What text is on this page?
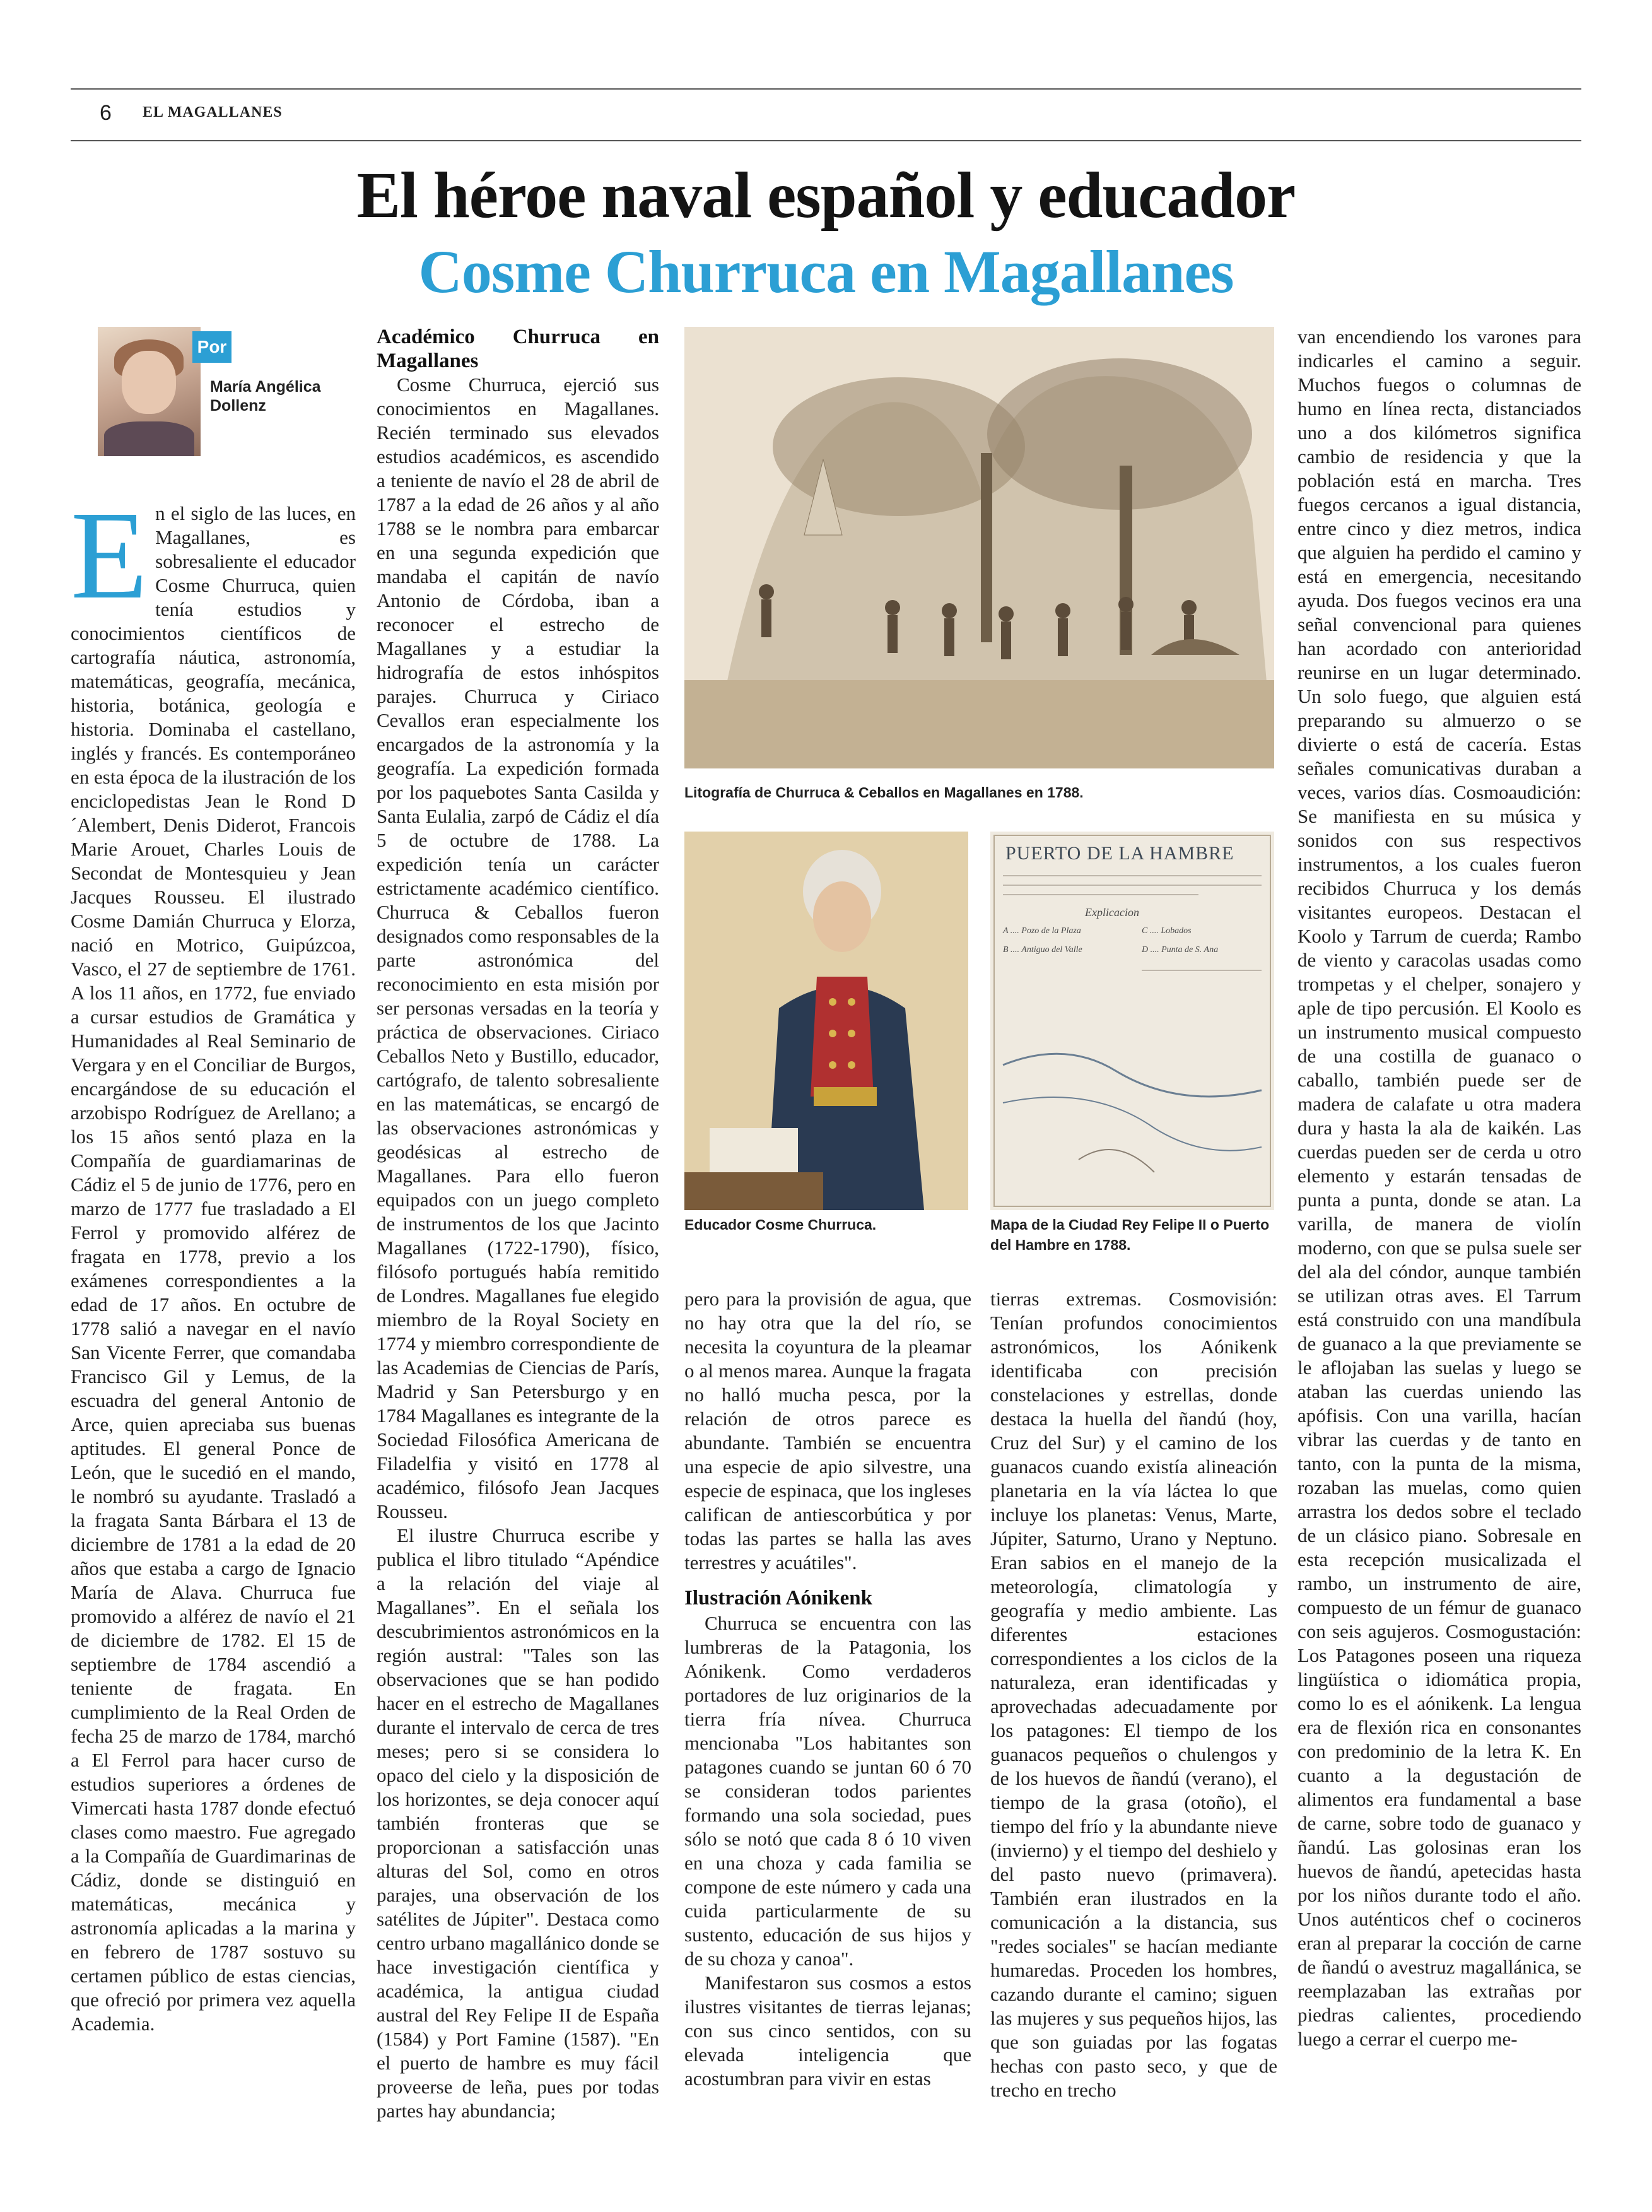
6 EL MAGALLANES
El héroe naval español y educador
Cosme Churruca en Magallanes
Por
María Angélica Dollenz

En el siglo de las luces, en Magallanes, es sobresaliente el educador Cosme Churruca, quien tenía estudios y conocimientos científicos de cartografía náutica, astronomía, matemáticas, geografía, mecánica, historia, botánica, geología e historia. Dominaba el castellano, inglés y francés. Es contemporáneo en esta época de la ilustración de los enciclopedistas Jean le Rond D´Alembert, Denis Diderot, Francois Marie Arouet, Charles Louis de Secondat de Montesquieu y Jean Jacques Rousseu. El ilustrado Cosme Damián Churruca y Elorza, nació en Motrico, Guipúzcoa, Vasco, el 27 de septiembre de 1761. A los 11 años, en 1772, fue enviado a cursar estudios de Gramática y Humanidades al Real Seminario de Vergara y en el Conciliar de Burgos, encargándose de su educación el arzobispo Rodríguez de Arellano; a los 15 años sentó plaza en la Compañía de guardiamarinas de Cádiz el 5 de junio de 1776, pero en marzo de 1777 fue trasladado a El Ferrol y promovido alférez de fragata en 1778, previo a los exámenes correspondientes a la edad de 17 años. En octubre de 1778 salió a navegar en el navío San Vicente Ferrer, que comandaba Francisco Gil y Lemus, de la escuadra del general Antonio de Arce, quien apreciaba sus buenas aptitudes. El general Ponce de León, que le sucedió en el mando, le nombró su ayudante. Trasladó a la fragata Santa Bárbara el 13 de diciembre de 1781 a la edad de 20 años que estaba a cargo de Ignacio María de Alava. Churruca fue promovido a alférez de navío el 21 de diciembre de 1782. El 15 de septiembre de 1784 ascendió a teniente de fragata. En cumplimiento de la Real Orden de fecha 25 de marzo de 1784, marchó a El Ferrol para hacer curso de estudios superiores a órdenes de Vimercati hasta 1787 donde efectuó clases como maestro. Fue agregado a la Compañía de Guardimarinas de Cádiz, donde se distinguió en matemáticas, mecánica y astronomía aplicadas a la marina y en febrero de 1787 sostuvo su certamen público de estas ciencias, que ofreció por primera vez aquella Academia.

Académico Churruca en Magallanes

Cosme Churruca, ejerció sus conocimientos en Magallanes. Recién terminado sus elevados estudios académicos, es ascendido a teniente de navío el 28 de abril de 1787 a la edad de 26 años y al año 1788 se le nombra para embarcar en una segunda expedición que mandaba el capitán de navío Antonio de Córdoba, iban a reconocer el estrecho de Magallanes y a estudiar la hidrografía de estos inhóspitos parajes. Churruca y Ciriaco Cevallos eran especialmente los encargados de la astronomía y la geografía. La expedición formada por los paquebotes Santa Casilda y Santa Eulalia, zarpó de Cádiz el día 5 de octubre de 1788. La expedición tenía un carácter estrictamente académico científico. Churruca & Ceballos fueron designados como responsables de la parte astronómica del reconocimiento en esta misión por ser personas versadas en la teoría y práctica de observaciones. Ciriaco Ceballos Neto y Bustillo, educador, cartógrafo, de talento sobresaliente en las matemáticas, se encargó de las observaciones astronómicas y geodésicas al estrecho de Magallanes. Para ello fueron equipados con un juego completo de instrumentos de los que Jacinto Magallanes (1722-1790), físico, filósofo portugués había remitido de Londres. Magallanes fue elegido miembro de la Royal Society en 1774 y miembro correspondiente de las Academias de Ciencias de París, Madrid y San Petersburgo y en 1784 Magallanes es integrante de la Sociedad Filosófica Americana de Filadelfia y visitó en 1778 al académico, filósofo Jean Jacques Rousseu.

El ilustre Churruca escribe y publica el libro titulado “Apéndice a la relación del viaje al Magallanes”. En el señala los descubrimientos astronómicos en la región austral: "Tales son las observaciones que se han podido hacer en el estrecho de Magallanes durante el intervalo de cerca de tres meses; pero si se considera lo opaco del cielo y la disposición de los horizontes, se deja conocer aquí también fronteras que se proporcionan a satisfacción unas alturas del Sol, como en otros parajes, una observación de los satélites de Júpiter". Destaca como centro urbano magallánico donde se hace investigación científica y académica, la antigua ciudad austral del Rey Felipe II de España (1584) y Port Famine (1587). "En el puerto de hambre es muy fácil proveerse de leña, pues por todas partes hay abundancia;

Litografía de Churruca & Ceballos en Magallanes en 1788.
Educador Cosme Churruca.
PUERTO DE LA HAMBRE
Explicacion
A .... Pozo de la Plaza	C .... Lobados
B .... Antiguo del Valle	D .... Punta de S. Ana
Mapa de la Ciudad Rey Felipe II o Puerto del Hambre en 1788.

pero para la provisión de agua, que no hay otra que la del río, se necesita la coyuntura de la pleamar o al menos marea. Aunque la fragata no halló mucha pesca, por la relación de otros parece es abundante. También se encuentra una especie de apio silvestre, una especie de espinaca, que los ingleses califican de antiescorbútica y por todas las partes se halla las aves terrestres y acuátiles".

Ilustración Aónikenk

Churruca se encuentra con las lumbreras de la Patagonia, los Aónikenk. Como verdaderos portadores de luz originarios de la tierra fría nívea. Churruca mencionaba "Los habitantes son patagones cuando se juntan 60 ó 70 se consideran todos parientes formando una sola sociedad, pues sólo se notó que cada 8 ó 10 viven en una choza y cada familia se compone de este número y cada una cuida particularmente de su sustento, educación de sus hijos y de su choza y canoa".

Manifestaron sus cosmos a estos ilustres visitantes de tierras lejanas; con sus cinco sentidos, con su elevada inteligencia que acostumbran para vivir en estas

tierras extremas. Cosmovisión: Tenían profundos conocimientos astronómicos, los Aónikenk identificaba con precisión constelaciones y estrellas, donde destaca la huella del ñandú (hoy, Cruz del Sur) y el camino de los guanacos cuando existía alineación planetaria en la vía láctea lo que incluye los planetas: Venus, Marte, Júpiter, Saturno, Urano y Neptuno. Eran sabios en el manejo de la meteorología, climatología y geografía y medio ambiente. Las diferentes estaciones correspondientes a los ciclos de la naturaleza, eran identificadas y aprovechadas adecuadamente por los patagones: El tiempo de los guanacos pequeños o chulengos y de los huevos de ñandú (verano), el tiempo de la grasa (otoño), el tiempo del frío y la abundante nieve (invierno) y el tiempo del deshielo y del pasto nuevo (primavera). También eran ilustrados en la comunicación a la distancia, sus "redes sociales" se hacían mediante humaredas. Proceden los hombres, cazando durante el camino; siguen las mujeres y sus pequeños hijos, las que son guiadas por las fogatas hechas con pasto seco, y que de trecho en trecho

van encendiendo los varones para indicarles el camino a seguir. Muchos fuegos o columnas de humo en línea recta, distanciados uno a dos kilómetros significa cambio de residencia y que la población está en marcha. Tres fuegos cercanos a igual distancia, entre cinco y diez metros, indica que alguien ha perdido el camino y está en emergencia, necesitando ayuda. Dos fuegos vecinos era una señal convencional para quienes han acordado con anterioridad reunirse en un lugar determinado. Un solo fuego, que alguien está preparando su almuerzo o se divierte o está de cacería. Estas señales comunicativas duraban a veces, varios días. Cosmoaudición: Se manifiesta en su música y sonidos con sus respectivos instrumentos, a los cuales fueron recibidos Churruca y los demás visitantes europeos. Destacan el Koolo y Tarrum de cuerda; Rambo de viento y caracolas usadas como trompetas y el chelper, sonajero y aple de tipo percusión. El Koolo es un instrumento musical compuesto de una costilla de guanaco o caballo, también puede ser de madera de calafate u otra madera dura y hasta la ala de kaikén. Las cuerdas pueden ser de cerda u otro elemento y estarán tensadas de punta a punta, donde se atan. La varilla, de manera de violín moderno, con que se pulsa suele ser del ala del cóndor, aunque también se utilizan otras aves. El Tarrum está construido con una mandíbula de guanaco a la que previamente se le aflojaban las suelas y luego se ataban las cuerdas uniendo las apófisis. Con una varilla, hacían vibrar las cuerdas y de tanto en tanto, con la punta de la misma, rozaban las muelas, como quien arrastra los dedos sobre el teclado de un clásico piano. Sobresale en esta recepción musicalizada el rambo, un instrumento de aire, compuesto de un fémur de guanaco con seis agujeros. Cosmogustación: Los Patagones poseen una riqueza lingüística o idiomática propia, como lo es el aónikenk. La lengua era de flexión rica en consonantes con predominio de la letra K. En cuanto a la degustación de alimentos era fundamental a base de carne, sobre todo de guanaco y ñandú. Las golosinas eran los huevos de ñandú, apetecidas hasta por los niños durante todo el año. Unos auténticos chef o cocineros eran al preparar la cocción de carne de ñandú o avestruz magallánica, se reemplazaban las extrañas por piedras calientes, procediendo luego a cerrar el cuerpo me-
